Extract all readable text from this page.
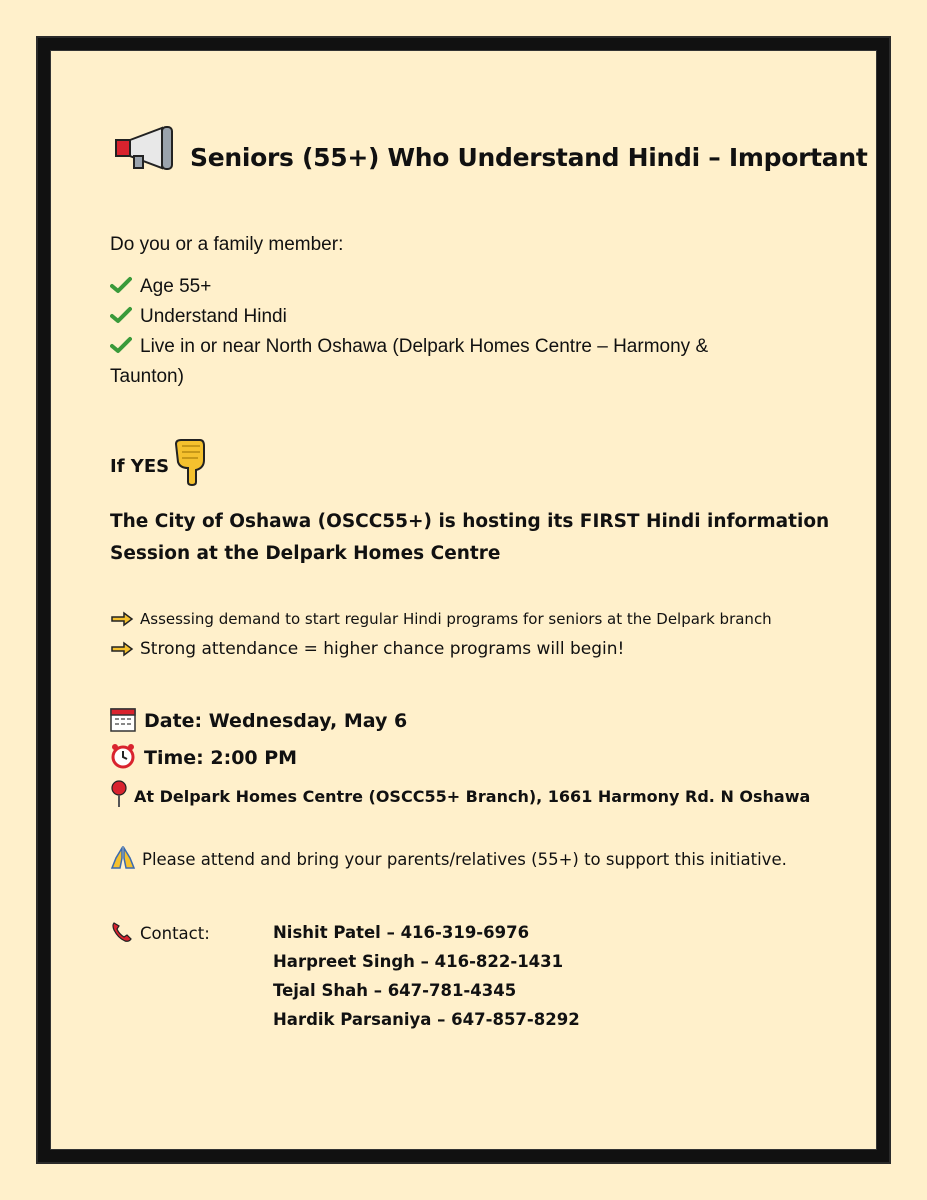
Seniors (55+) Who Understand Hindi – Important
Do you or a family member:
Age 55+
Understand Hindi
Live in or near North Oshawa (Delpark Homes Centre – Harmony &
Taunton)
If YES
The City of Oshawa (OSCC55+) is hosting its FIRST Hindi information
Session at the Delpark Homes Centre
Assessing demand to start regular Hindi programs for seniors at the Delpark branch
Strong attendance = higher chance programs will begin!
Date: Wednesday, May 6
Time: 2:00 PM
At Delpark Homes Centre (OSCC55+ Branch), 1661 Harmony Rd. N Oshawa
Please attend and bring your parents/relatives (55+) to support this initiative.
Contact:	Nishit Patel – 416-319-6976
Harpreet Singh – 416-822-1431
Tejal Shah – 647-781-4345
Hardik Parsaniya – 647-857-8292
